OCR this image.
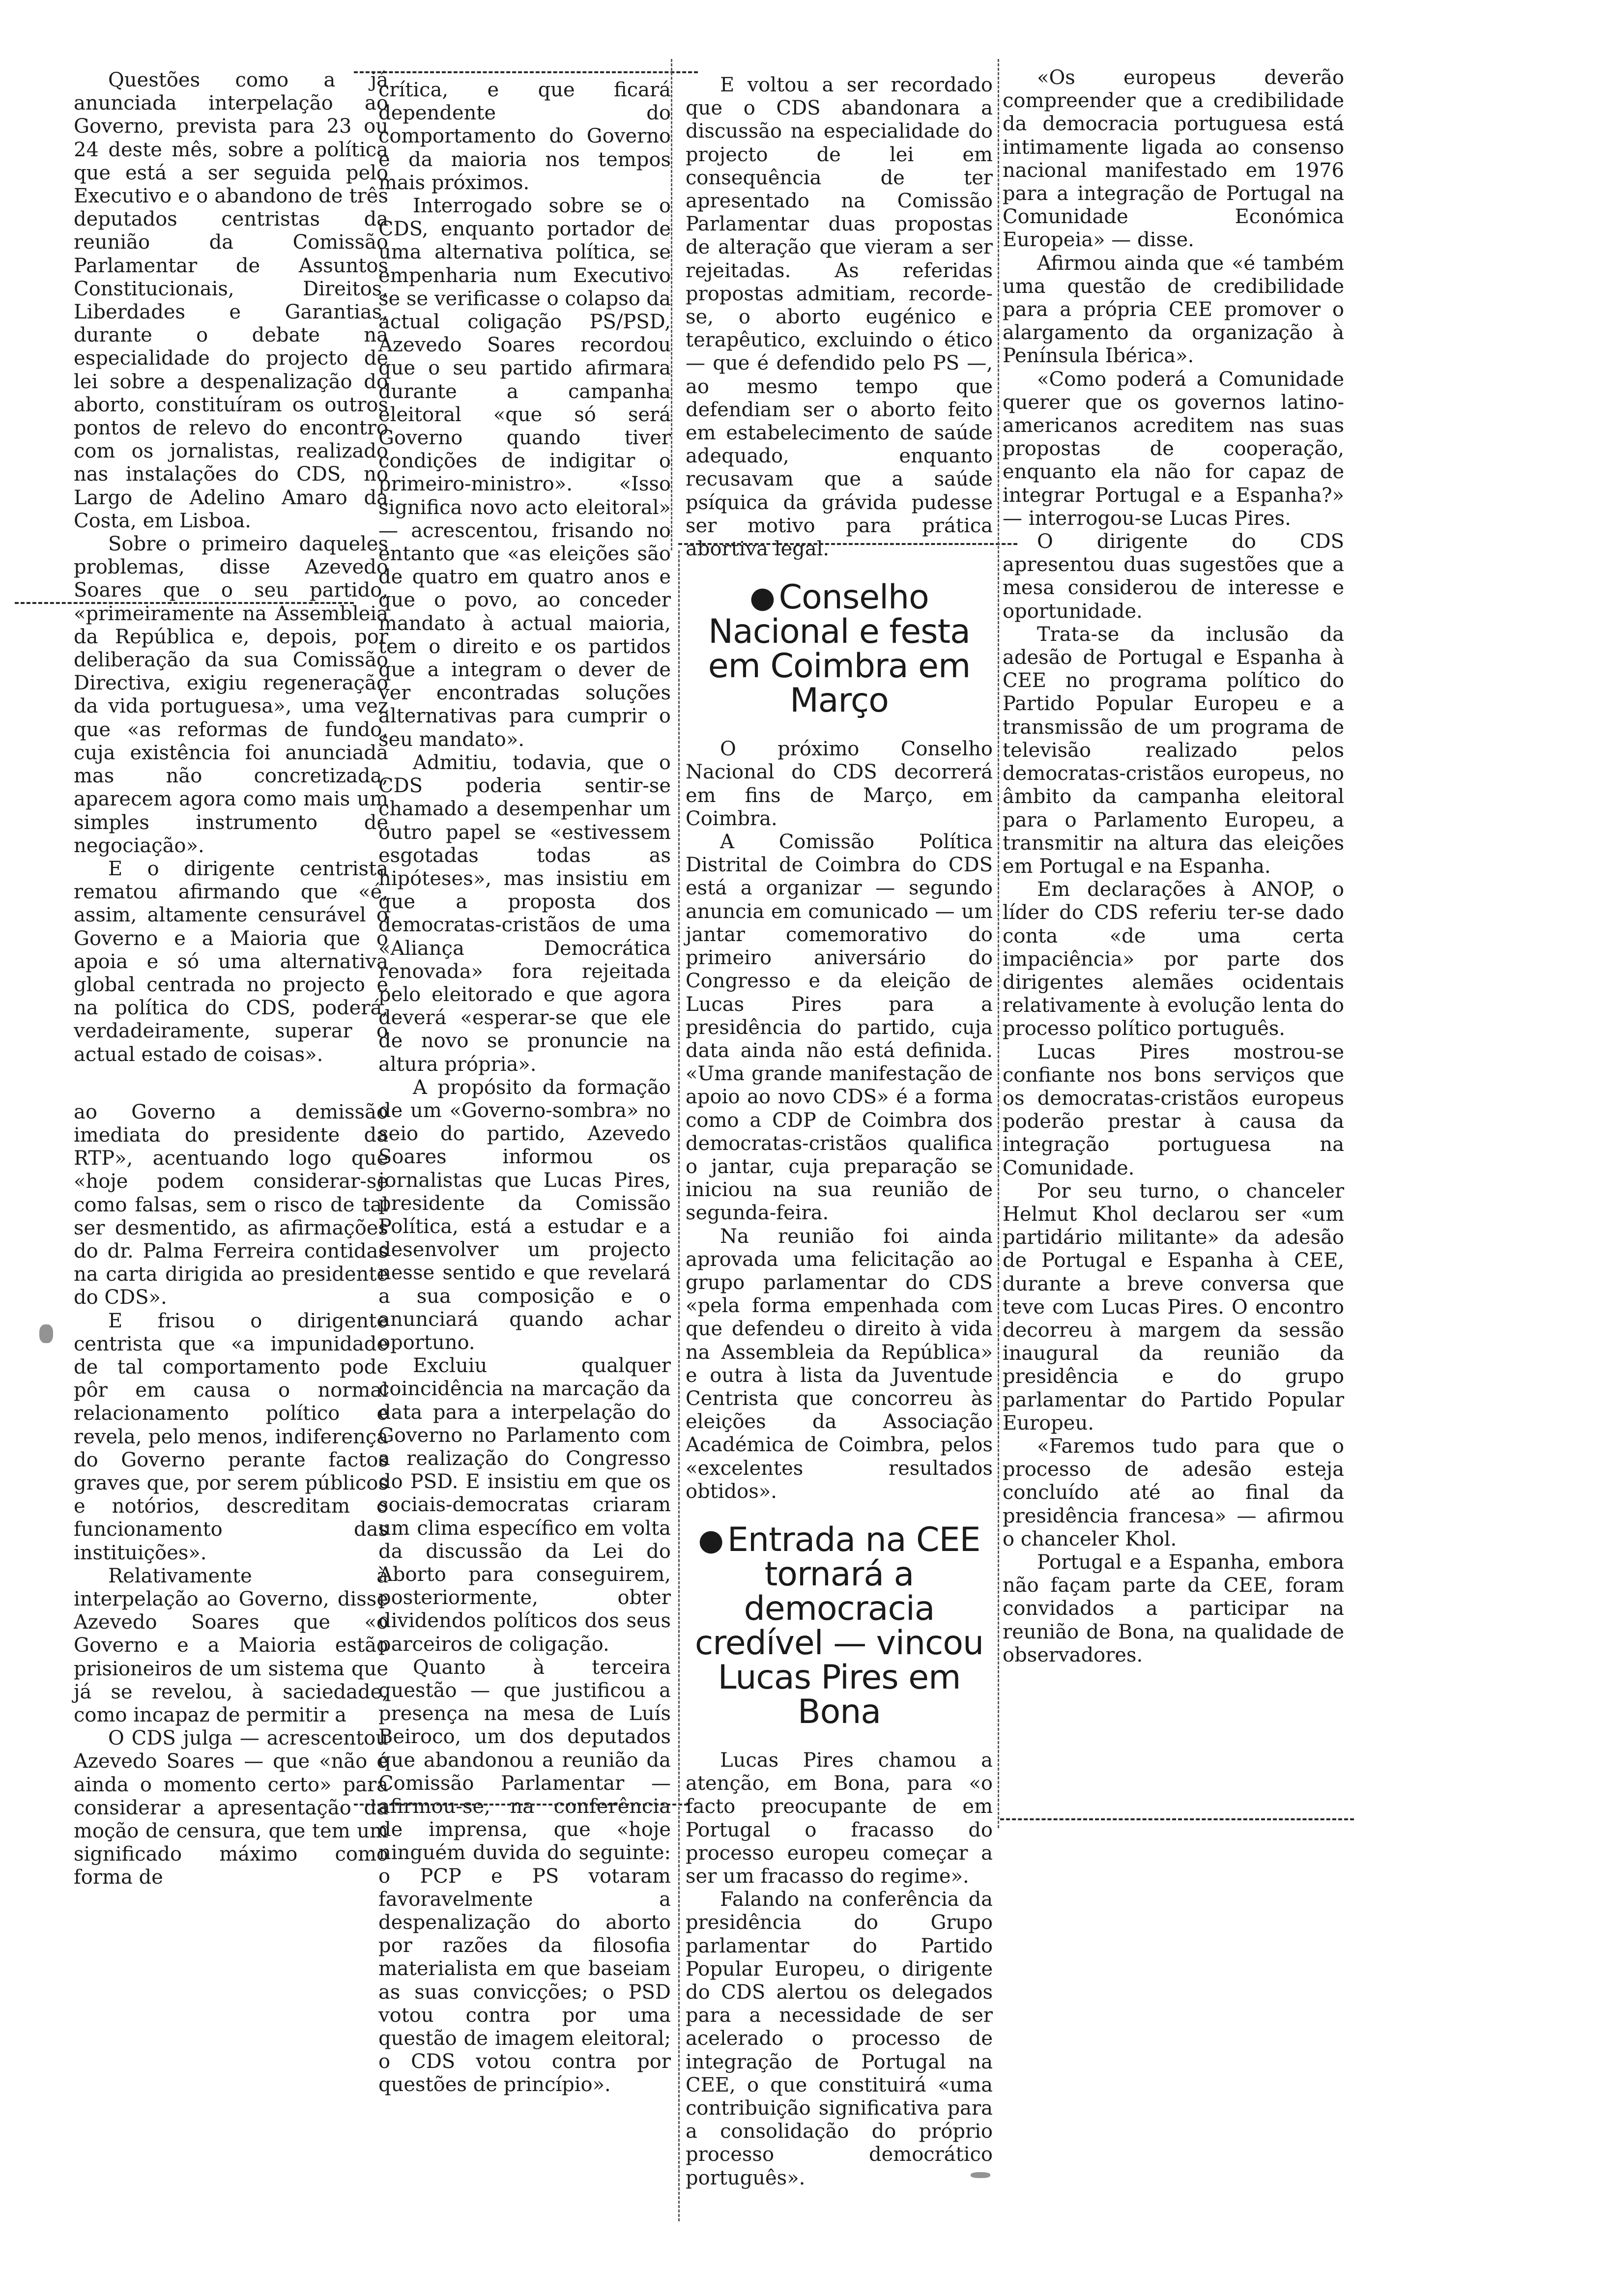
Questões como a já anunciada interpelação ao Governo, prevista para 23 ou 24 deste mês, sobre a política que está a ser seguida pelo Executivo e o abandono de três deputados centristas da reunião da Comissão Parlamentar de Assuntos Constitucionais, Direitos, Liberdades e Garantias, durante o debate na especialidade do projecto de lei sobre a despenalização do aborto, constituíram os outros pontos de relevo do encontro com os jornalistas, realizado nas instalações do CDS, no Largo de Adelino Amaro da Costa, em Lisboa.

Sobre o primeiro daqueles problemas, disse Azevedo Soares que o seu partido, «primeiramente na Assembleia da República e, depois, por deliberação da sua Comissão Directiva, exigiu regeneração da vida portuguesa», uma vez que «as reformas de fundo, cuja existência foi anunciada mas não concretizada, aparecem agora como mais um simples instrumento de negociação».

E o dirigente centrista rematou afirmando que «é, assim, altamente censurável o Governo e a Maioria que o apoia e só uma alternativa global centrada no projecto e na política do CDS, poderá, verdadeiramente, superar o actual estado de coisas».

ao Governo a demissão imediata do presidente da RTP», acentuando logo que «hoje podem considerar-se como falsas, sem o risco de tal ser desmentido, as afirmações do dr. Palma Ferreira contidas na carta dirigida ao presidente do CDS».

E frisou o dirigente centrista que «a impunidade de tal comportamento pode pôr em causa o normal relacionamento político e revela, pelo menos, indiferença do Governo perante factos graves que, por serem públicos e notórios, descreditam o funcionamento das instituições».

Relativamente à interpelação ao Governo, disse Azevedo Soares que «o Governo e a Maioria estão prisioneiros de um sistema que já se revelou, à saciedade, como incapaz de permitir a

O CDS julga — acrescentou Azevedo Soares — que «não é ainda o momento certo» para considerar a apresentação da moção de censura, que tem um significado máximo como forma de

crítica, e que ficará dependente do comportamento do Governo e da maioria nos tempos mais próximos.

Interrogado sobre se o CDS, enquanto portador de uma alternativa política, se empenharia num Executivo se se verificasse o colapso da actual coligação PS/PSD, Azevedo Soares recordou que o seu partido afirmara durante a campanha eleitoral «que só será Governo quando tiver condições de indigitar o primeiro-ministro». «Isso significa novo acto eleitoral» — acrescentou, frisando no entanto que «as eleições são de quatro em quatro anos e que o povo, ao conceder mandato à actual maioria, tem o direito e os partidos que a integram o dever de ver encontradas soluções alternativas para cumprir o seu mandato».

Admitiu, todavia, que o CDS poderia sentir-se chamado a desempenhar um outro papel se «estivessem esgotadas todas as hipóteses», mas insistiu em que a proposta dos democratas-cristãos de uma «Aliança Democrática renovada» fora rejeitada pelo eleitorado e que agora deverá «esperar-se que ele de novo se pronuncie na altura própria».

A propósito da formação de um «Governo-sombra» no seio do partido, Azevedo Soares informou os jornalistas que Lucas Pires, presidente da Comissão Política, está a estudar e a desenvolver um projecto nesse sentido e que revelará a sua composição e o anunciará quando achar oportuno.

Excluiu qualquer coincidência na marcação da data para a interpelação do Governo no Parlamento com a realização do Congresso do PSD. E insistiu em que os sociais-democratas criaram um clima específico em volta da discussão da Lei do Aborto para conseguirem, posteriormente, obter dividendos políticos dos seus parceiros de coligação.

Quanto à terceira questão — que justificou a presença na mesa de Luís Beiroco, um dos deputados que abandonou a reunião da Comissão Parlamentar — afirmou-se, na conferência de imprensa, que «hoje ninguém duvida do seguinte: o PCP e PS votaram favoravelmente a despenalização do aborto por razões da filosofia materialista em que baseiam as suas convicções; o PSD votou contra por uma questão de imagem eleitoral; o CDS votou contra por questões de princípio».

E voltou a ser recordado que o CDS abandonara a discussão na especialidade do projecto de lei em consequência de ter apresentado na Comissão Parlamentar duas propostas de alteração que vieram a ser rejeitadas. As referidas propostas admitiam, recorde-se, o aborto eugénico e terapêutico, excluindo o ético — que é defendido pelo PS —, ao mesmo tempo que defendiam ser o aborto feito em estabelecimento de saúde adequado, enquanto recusavam que a saúde psíquica da grávida pudesse ser motivo para prática abortiva legal.

● Conselho Nacional e festa em Coimbra em Março

O próximo Conselho Nacional do CDS decorrerá em fins de Março, em Coimbra.

A Comissão Política Distrital de Coimbra do CDS está a organizar — segundo anuncia em comunicado — um jantar comemorativo do primeiro aniversário do Congresso e da eleição de Lucas Pires para a presidência do partido, cuja data ainda não está definida. «Uma grande manifestação de apoio ao novo CDS» é a forma como a CDP de Coimbra dos democratas-cristãos qualifica o jantar, cuja preparação se iniciou na sua reunião de segunda-feira.

Na reunião foi ainda aprovada uma felicitação ao grupo parlamentar do CDS «pela forma empenhada com que defendeu o direito à vida na Assembleia da República» e outra à lista da Juventude Centrista que concorreu às eleições da Associação Académica de Coimbra, pelos «excelentes resultados obtidos».

● Entrada na CEE tornará a democracia credível — vincou Lucas Pires em Bona

Lucas Pires chamou a atenção, em Bona, para «o facto preocupante de em Portugal o fracasso do processo europeu começar a ser um fracasso do regime».

Falando na conferência da presidência do Grupo parlamentar do Partido Popular Europeu, o dirigente do CDS alertou os delegados para a necessidade de ser acelerado o processo de integração de Portugal na CEE, o que constituirá «uma contribuição significativa para a consolidação do próprio processo democrático português».

«Os europeus deverão compreender que a credibilidade da democracia portuguesa está intimamente ligada ao consenso nacional manifestado em 1976 para a integração de Portugal na Comunidade Económica Europeia» — disse.

Afirmou ainda que «é também uma questão de credibilidade para a própria CEE promover o alargamento da organização à Península Ibérica».

«Como poderá a Comunidade querer que os governos latino-americanos acreditem nas suas propostas de cooperação, enquanto ela não for capaz de integrar Portugal e a Espanha?» — interrogou-se Lucas Pires.

O dirigente do CDS apresentou duas sugestões que a mesa considerou de interesse e oportunidade.

Trata-se da inclusão da adesão de Portugal e Espanha à CEE no programa político do Partido Popular Europeu e a transmissão de um programa de televisão realizado pelos democratas-cristãos europeus, no âmbito da campanha eleitoral para o Parlamento Europeu, a transmitir na altura das eleições em Portugal e na Espanha.

Em declarações à ANOP, o líder do CDS referiu ter-se dado conta «de uma certa impaciência» por parte dos dirigentes alemães ocidentais relativamente à evolução lenta do processo político português.

Lucas Pires mostrou-se confiante nos bons serviços que os democratas-cristãos europeus poderão prestar à causa da integração portuguesa na Comunidade.

Por seu turno, o chanceler Helmut Khol declarou ser «um partidário militante» da adesão de Portugal e Espanha à CEE, durante a breve conversa que teve com Lucas Pires. O encontro decorreu à margem da sessão inaugural da reunião da presidência e do grupo parlamentar do Partido Popular Europeu.

«Faremos tudo para que o processo de adesão esteja concluído até ao final da presidência francesa» — afirmou o chanceler Khol.

Portugal e a Espanha, embora não façam parte da CEE, foram convidados a participar na reunião de Bona, na qualidade de observadores.
